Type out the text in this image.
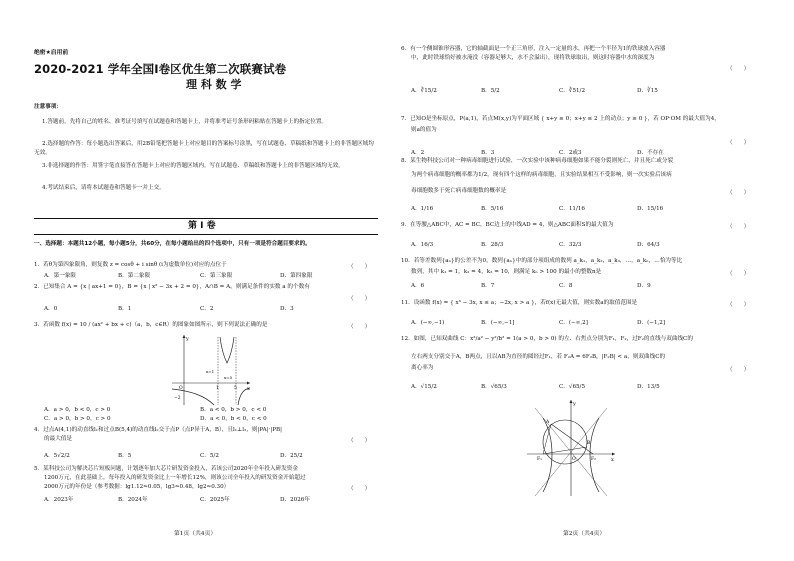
绝密★启用前
2020-2021 学年全国Ⅰ卷区优生第二次联赛试卷
理 科 数 学
注意事项：
1.答题前，先将自己的姓名、准考证号填写在试题卷和答题卡上，并将准考证号条形码粘贴在答题卡上的指定位置。
2.选择题的作答：每小题选出答案后，用2B铅笔把答题卡上对应题目的答案标号涂黑，写在试题卷、草稿纸和答题卡上的非答题区域均无效。
3.非选择题的作答：用签字笔直接答在答题卡上对应的答题区域内。写在试题卷、草稿纸和答题卡上的非答题区域均无效。
4.考试结束后，请将本试题卷和答题卡一并上交。
第 Ⅰ 卷
一、选择题：本题共12小题，每小题5分，共60分，在每小题给出的四个选项中，只有一项是符合题目要求的。
1．若θ为第四象限角，则复数 z = cosθ + i sinθ (i为虚数单位)对应的点位于	（　　）
A．第一象限	B．第二象限	C．第三象限	D．第四象限
2．已知集合 A = {x | ax+1 = 0}，B = {x | x² − 3x + 2 = 0}，A∩B = A，则满足条件的实数 a 的个数有
（　　）
A．0	B．1	C．2	D．3
3．若函数 f(x) = 10 / (ax² + bx + c)（a，b，c∈R）的图象如图所示，则下列说法正确的是	（　　）
y
x
O	1	5
x=1
x=5
−2
A．a > 0，b < 0，c > 0	B．a < 0，b > 0，c < 0
C．a > 0，b > 0，c > 0	D．a < 0，b < 0，c < 0
4．过点A(4,1)的动直线l₁和过点B(5,4)的动直线l₂交于点P（点P异于A，B），且l₁⊥l₂，则|PA|·|PB|
的最大值是	（　　）
A．5√2/2	B．5	C．5/2	D．25/2
5．某科技公司为解决芯片短板问题，计划逐年加大芯片研发资金投入，若该公司2020年全年投入研发资金
1200万元，在此基础上，每年投入的研发资金比上一年增长12%，则该公司全年投入的研发资金开始超过
2000万元的年份是（参考数据：lg1.12≈0.05，lg3≈0.48，lg2≈0.30）	（　　）
A．2023年	B．2024年	C．2025年	D．2026年
第1页（共4页）
6．有一个侧圆锥形容器，它的轴截面是一个正三角形，注入一定量的水，再把一个半径为1的铁球放入容器
中，此时铁球恰好被水淹没（容器足够大，水不会溢出），现将铁球取出，则这时容器中水的深度为
（　　）
A．∛15/2	B．5/2	C．∛51/2	D．∛15
7．已知O是坐标原点，P(a,1)，若点M(x,y)为平面区域 { x+y ≥ 0；x+y ≤ 2 上的动点；y ≥ 0 }，若 OP·OM 的最大值为4，
则a的值为
（　　）
A．2	B．3	C．2或3	D．不存在
8．某生物科技公司对一种病毒细胞进行试验，一次实验中该种病毒细胞如果不能分裂则死亡，并且死亡或分裂
为两个病毒细胞的概率都为1/2，现有四个这样的病毒细胞，且实验结果相互不受影响，则一次实验后该病
毒细胞数多于死亡病毒细胞数的概率是	（　　）
A．1/16	B．5/16	C．11/16	D．15/16
9．在等腰△ABC中，AC = BC，BC边上的中线AD = 4，则△ABC面积S的最大值为	（　　）
A．16/3	B．28/3	C．32/3	D．64/3
10．若等差数列{aₙ}的公差不为0，数列{aₙ}中的部分项组成的数列 a_k₁，a_k₂，a_k₃，…，a_kₙ，…恰为等比
数列，其中 k₁ = 1，k₂ = 4，k₃ = 10，则满足 kₙ > 100 的最小的整数n是	（　　）
A．6	B．7	C．8	D．9
11．设函数 f(x) = { x³ − 3x, x ≤ a；−2x, x > a }，若f(x)无最大值，则实数a的取值范围是	（　　）
A．(−∞,−1)	B．(−∞,−1]	C．(−∞,2]	D．(−1,2]
12．如图，已知双曲线 C：x²/a² − y²/b² = 1(a > 0，b > 0) 的左、右焦点分别为F₁，F₂，过F₂的直线与双曲线C的
左右两支分别交于A，B两点，且以AB为直径的圆经过F₁，若 F₂A = 6F₂B，|F₂B| < a，则双曲线C的
离心率为	（　　）
A．√15/2	B．√65/3	C．√65/5	D．13/5
y
x
O
A
B
F₁	F₂
第2页（共4页）
